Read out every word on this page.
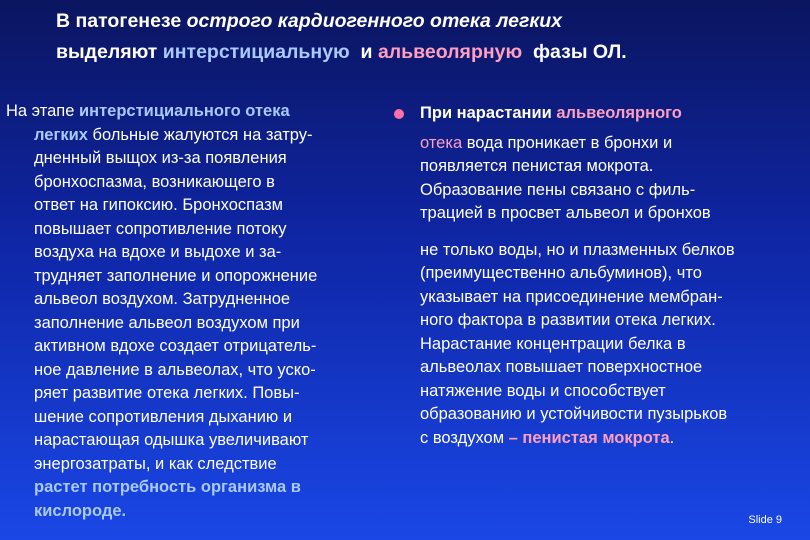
В патогенезе острого кардиогенного отека легких
выделяют интерстициальную  и альвеолярную  фазы ОЛ.
На этапе интерстициального отека
легких больные жалуются на затру-
дненный выщох из-за появления
бронхоспазма, возникающего в
ответ на гипоксию. Бронхоспазм
повышает сопротивление потоку
воздуха на вдохе и выдохе и за-
трудняет заполнение и опорожнение
альвеол воздухом. Затрудненное
заполнение альвеол воздухом при
активном вдохе создает отрицатель-
ное давление в альвеолах, что уско-
ряет развитие отека легких. Повы-
шение сопротивления дыханию и
нарастающая одышка увеличивают
энергозатраты, и как следствие
растет потребность организма в
кислороде.
При нарастании альвеолярного
отека вода проникает в бронхи и
появляется пенистая мокрота.
Образование пены связано с филь-
трацией в просвет альвеол и бронхов
не только воды, но и плазменных белков
(преимущественно альбуминов), что
указывает на присоединение мембран-
ного фактора в развитии отека легких.
Нарастание концентрации белка в
альвеолах повышает поверхностное
натяжение воды и способствует
образованию и устойчивости пузырьков
с воздухом – пенистая мокрота.
Slide 9
